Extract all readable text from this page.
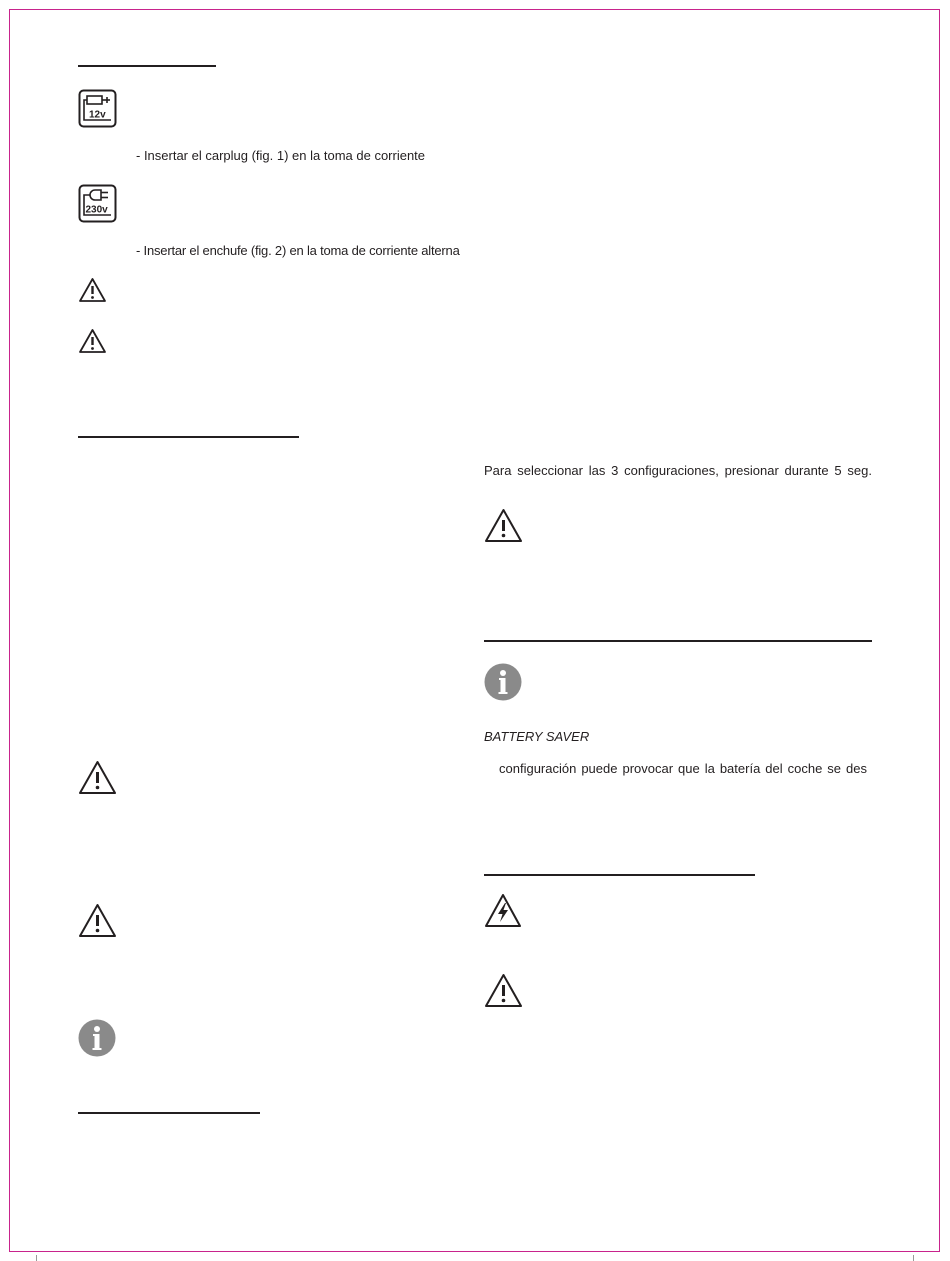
12v
- Insertar el carplug (fig. 1) en la toma de corriente
230v
- Insertar el enchufe (fig. 2) en la toma de corriente alterna
Para seleccionar las 3 configuraciones, presionar durante 5 seg.
BATTERY SAVER
configuración puede provocar que la batería del coche se des
